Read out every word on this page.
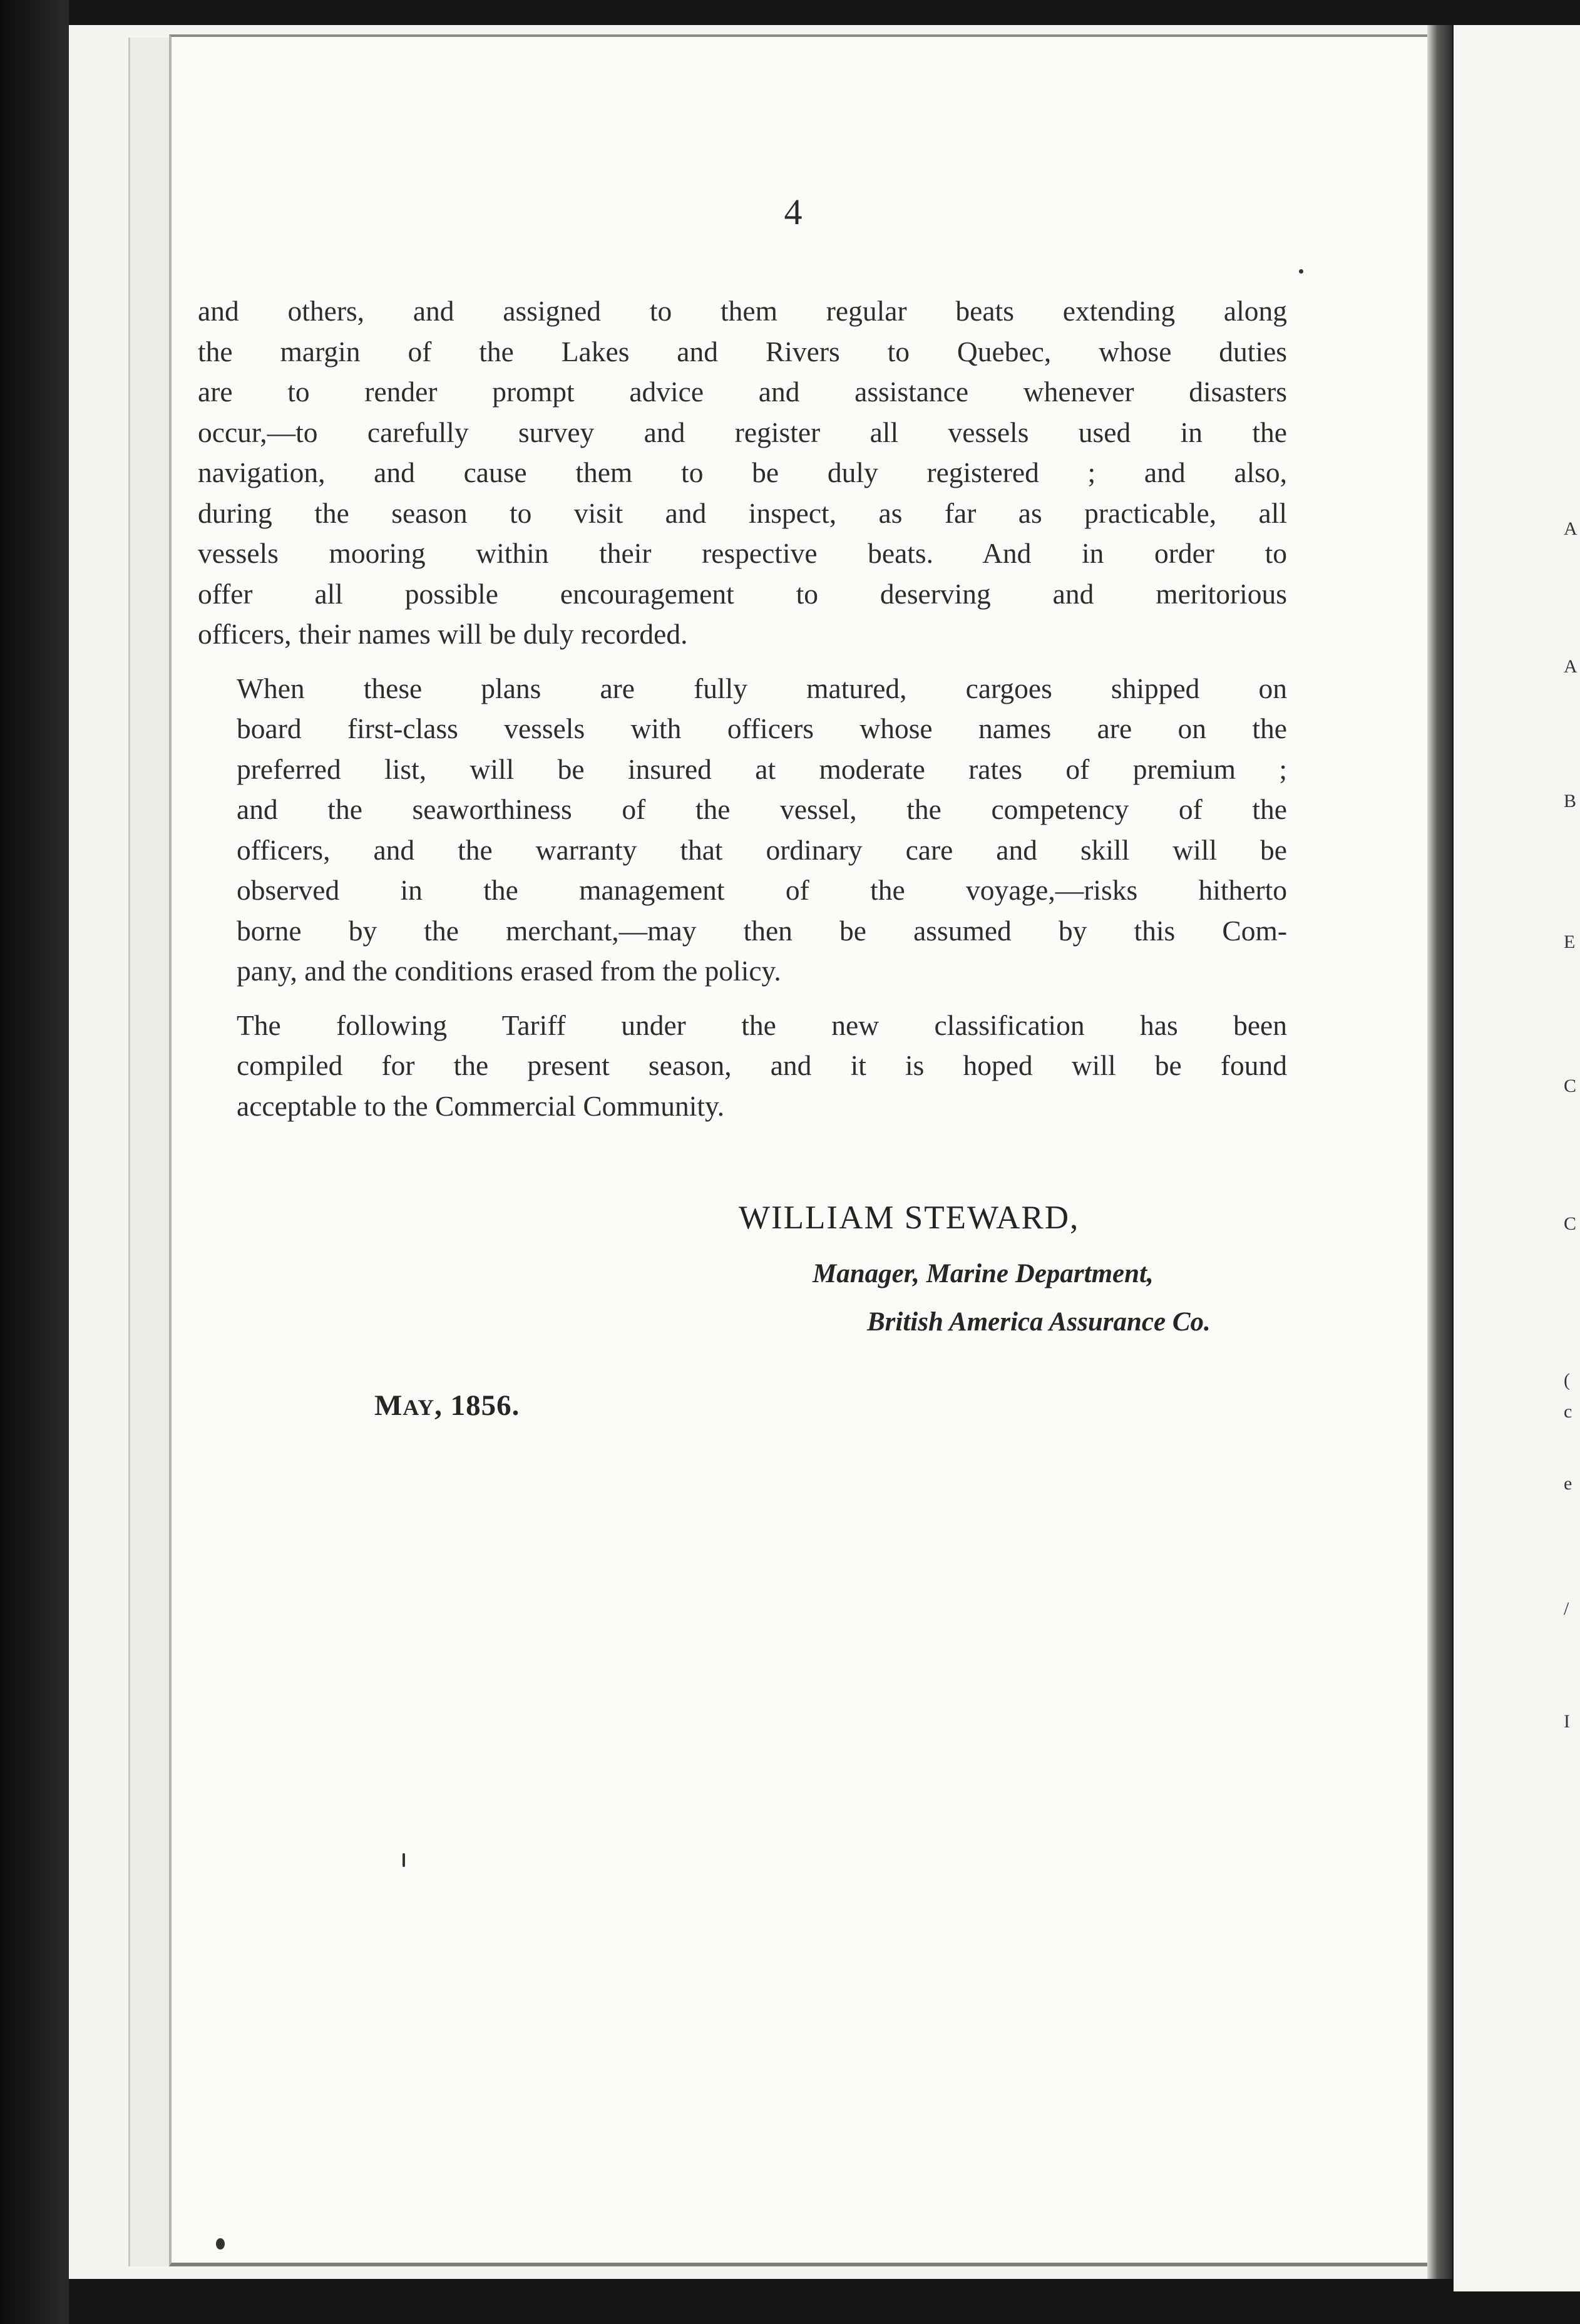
4
and others, and assigned to them regular beats extending along
the margin of the Lakes and Rivers to Quebec, whose duties
are to render prompt advice and assistance whenever disasters
occur,—to carefully survey and register all vessels used in the
navigation, and cause them to be duly registered ; and also,
during the season to visit and inspect, as far as practicable, all
vessels mooring within their respective beats. And in order to
offer all possible encouragement to deserving and meritorious
officers, their names will be duly recorded.
When these plans are fully matured, cargoes shipped on
board first-class vessels with officers whose names are on the
preferred list, will be insured at moderate rates of premium ;
and the seaworthiness of the vessel, the competency of the
officers, and the warranty that ordinary care and skill will be
observed in the management of the voyage,—risks hitherto
borne by the merchant,—may then be assumed by this Com-
pany, and the conditions erased from the policy.
The following Tariff under the new classification has been
compiled for the present season, and it is hoped will be found
acceptable to the Commercial Community.
WILLIAM STEWARD,
Manager, Marine Department,
British America Assurance Co.
MAY, 1856.
A
A
B
E
C
C
(
c
e
/
I
